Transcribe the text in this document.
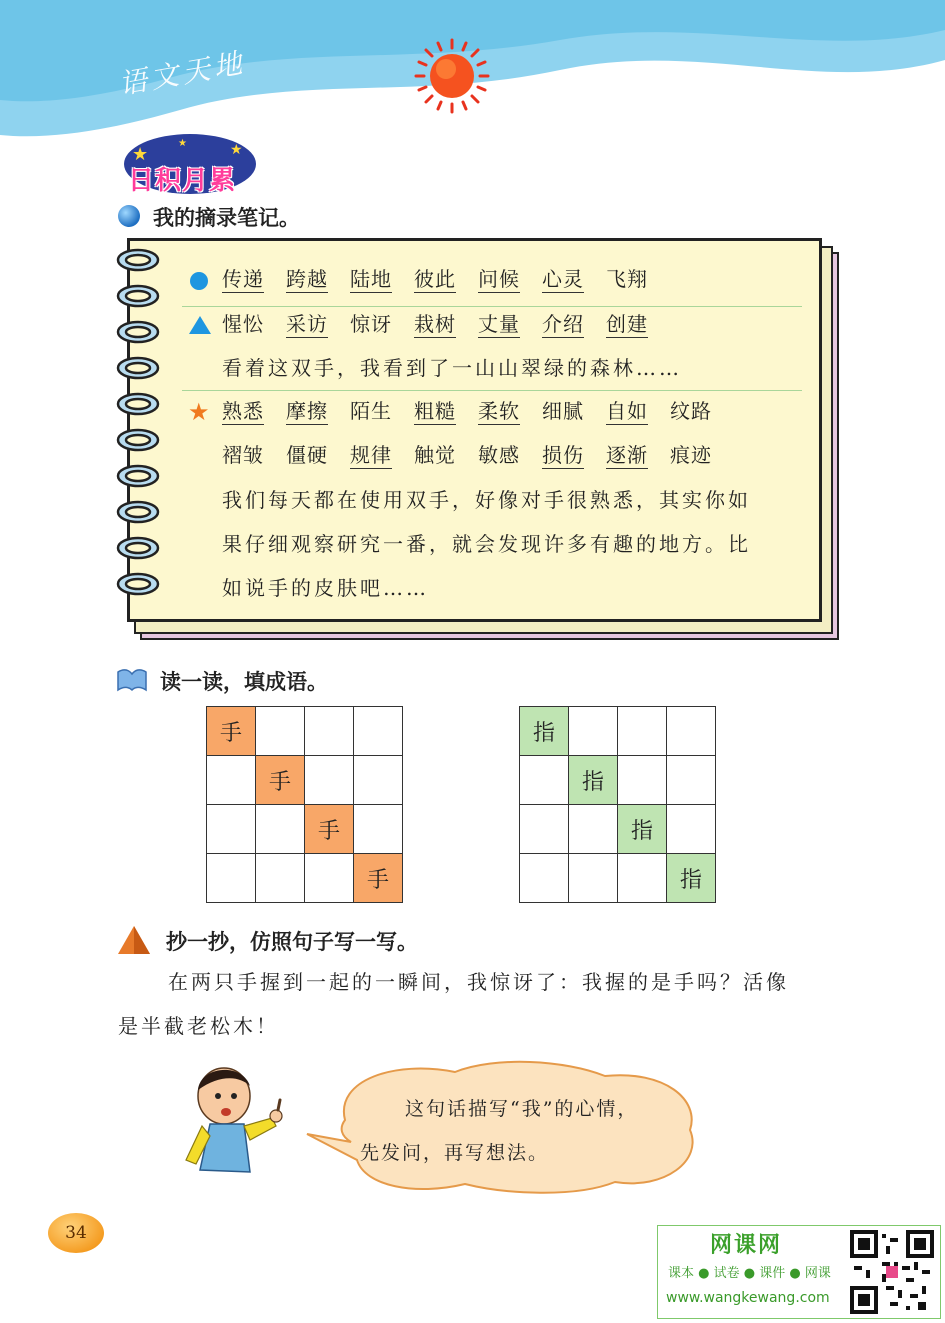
语文天地
★	★
★
日积月累
我的摘录笔记。
传递 跨越 陆地 彼此 问候 心灵 飞翔
惺忪 采访 惊讶 栽树 丈量 介绍 创建
看着这双手，我看到了一山山翠绿的森林……
★ 熟悉 摩擦 陌生 粗糙 柔软 细腻 自如 纹路
褶皱 僵硬 规律 触觉 敏感 损伤 逐渐 痕迹
我们每天都在使用双手，好像对手很熟悉，其实你如
果仔细观察研究一番，就会发现许多有趣的地方。比
如说手的皮肤吧……
读一读，填成语。
手			
	手		
		手	
			手
指			
	指		
		指	
			指
抄一抄，仿照句子写一写。
在两只手握到一起的一瞬间，我惊讶了：我握的是手吗？活像
是半截老松木！
这句话描写“我”的心情，
先发问，再写想法。
34	网课网
课本 ● 试卷 ● 课件 ● 网课
www.wangkewang.com
